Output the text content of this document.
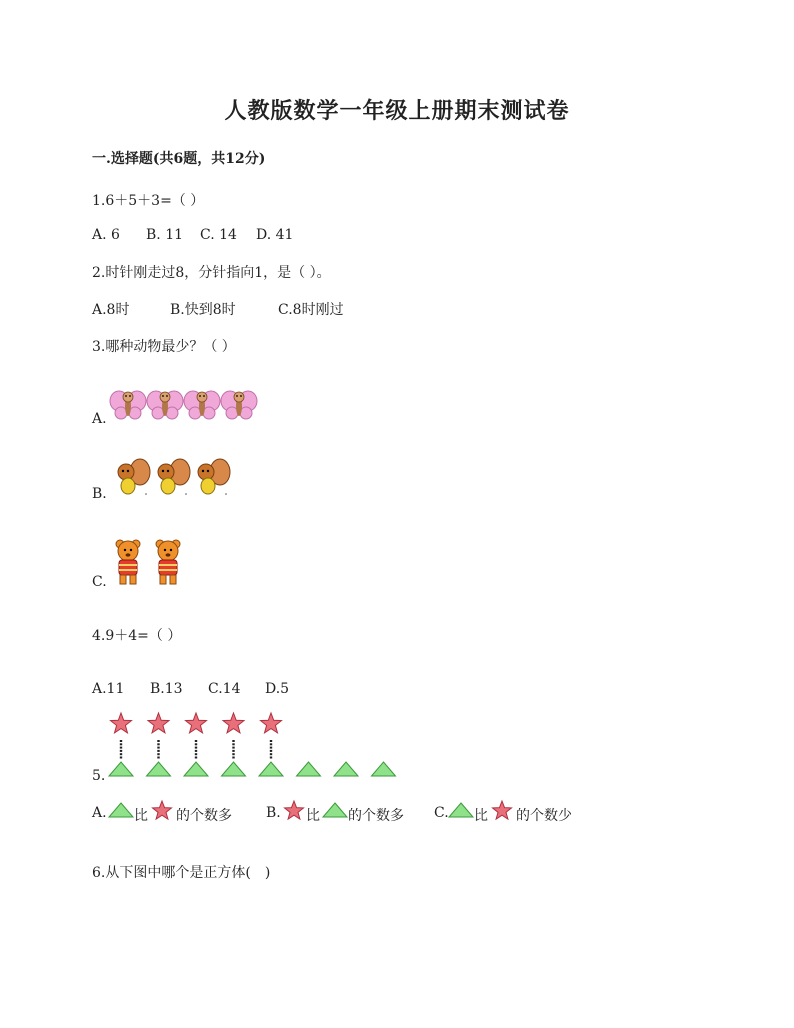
人教版数学一年级上册期末测试卷
一.选择题(共6题，共12分)
1.6＋5＋3=（ ）
A. 6 B. 11 C. 14 D. 41
2.时针刚走过8，分针指向1，是（ ）。
A.8时	B.快到8时	C.8时刚过
3.哪种动物最少？（ ）
A.
B.
C.
4.9＋4=（ ）
A.11 B.13 C.14 D.5
5.
A. 比 的个数多 B. 比 的个数多 C. 比 的个数少
6.从下图中哪个是正方体(　)
